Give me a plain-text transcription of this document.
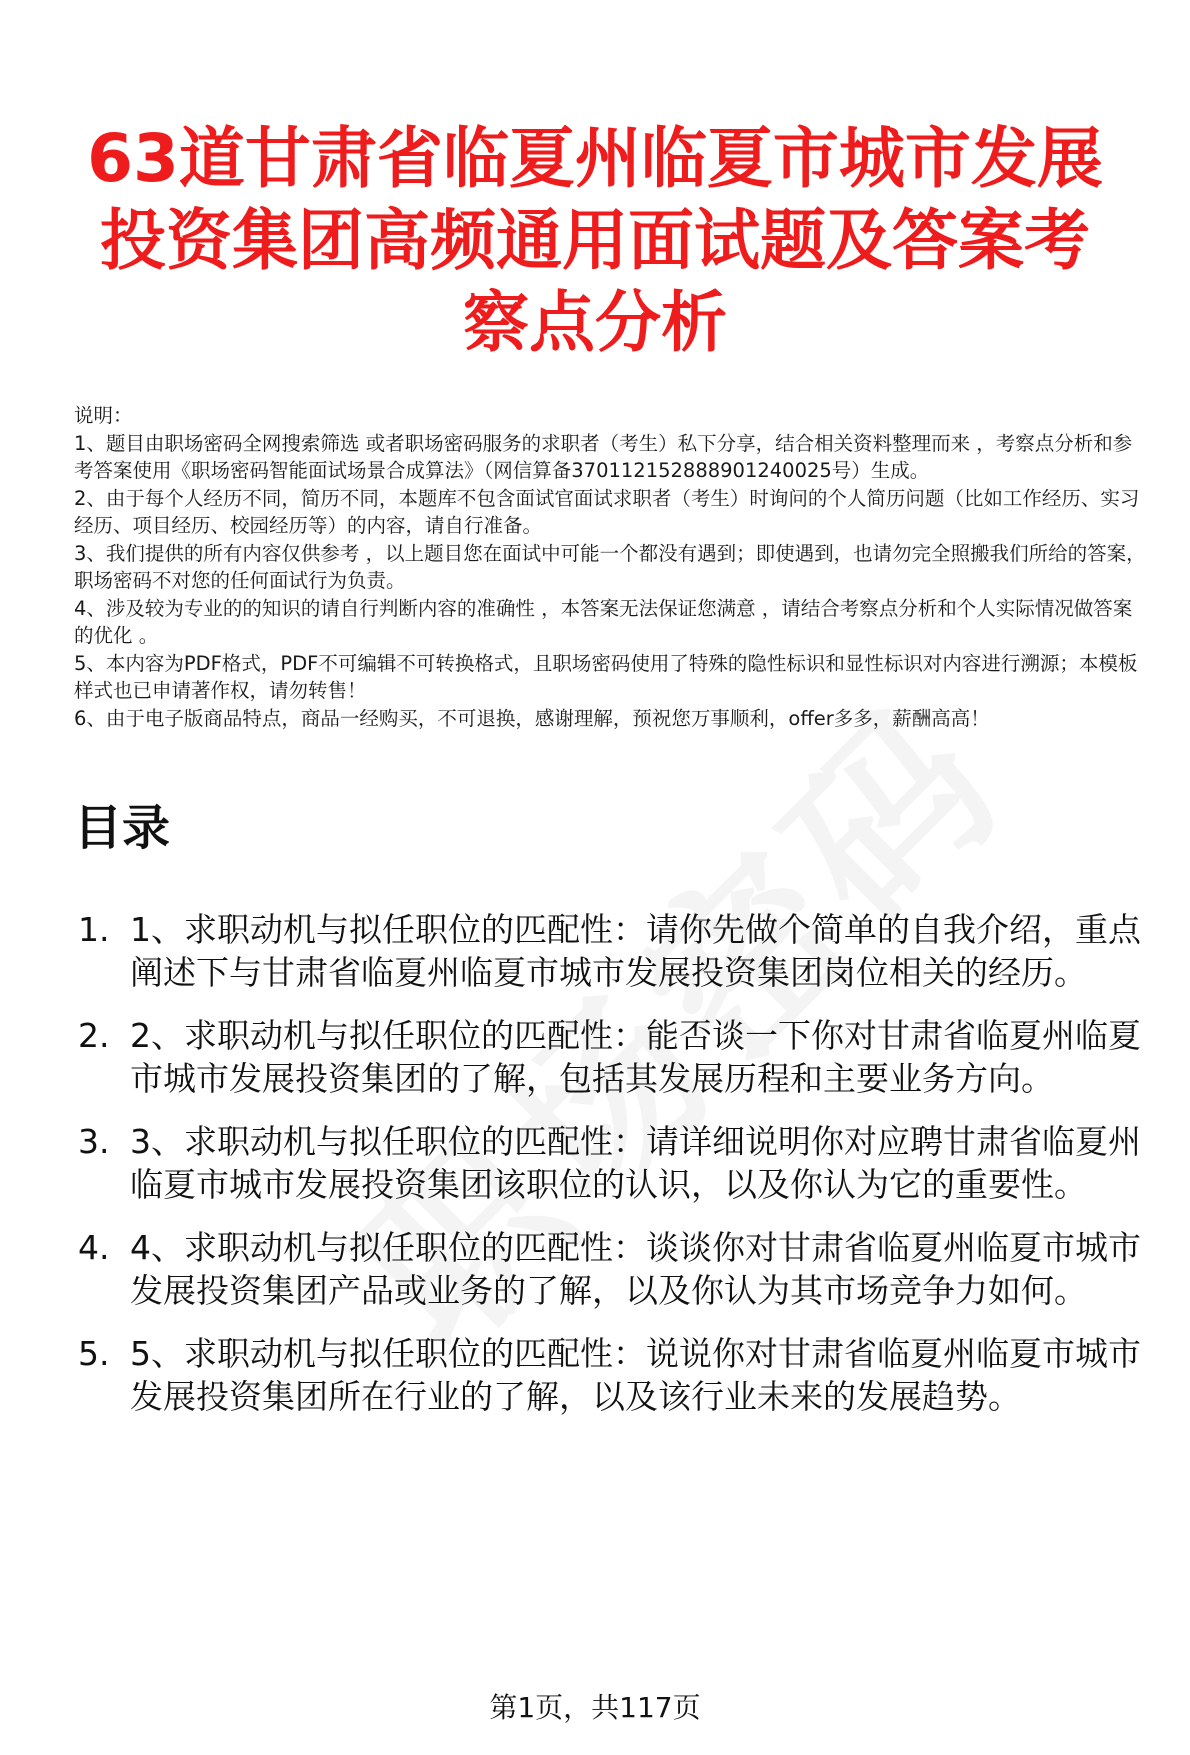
63道甘肃省临夏州临夏市城市发展投资集团高频通用面试题及答案考察点分析

说明：

1、题目由职场密码全网搜索筛选 或者职场密码服务的求职者（考生）私下分享，结合相关资料整理而来 ，考察点分析和参考答案使用《职场密码智能面试场景合成算法》（网信算备370112152888901240025号）生成。

2、由于每个人经历不同，简历不同，本题库不包含面试官面试求职者（考生）时询问的个人简历问题（比如工作经历、实习经历、项目经历、校园经历等）的内容，请自行准备。

3、我们提供的所有内容仅供参考 ，以上题目您在面试中可能一个都没有遇到；即使遇到，也请勿完全照搬我们所给的答案，职场密码不对您的任何面试行为负责。

4、涉及较为专业的的知识的请自行判断内容的准确性 ，本答案无法保证您满意 ，请结合考察点分析和个人实际情况做答案的优化 。

5、本内容为PDF格式，PDF不可编辑不可转换格式，且职场密码使用了特殊的隐性标识和显性标识对内容进行溯源；本模板样式也已申请著作权，请勿转售！

6、由于电子版商品特点，商品一经购买，不可退换，感谢理解，预祝您万事顺利，offer多多，薪酬高高！

目录
1. 1、求职动机与拟任职位的匹配性：请你先做个简单的自我介绍，重点阐述下与甘肃省临夏州临夏市城市发展投资集团岗位相关的经历。
2. 2、求职动机与拟任职位的匹配性：能否谈一下你对甘肃省临夏州临夏市城市发展投资集团的了解，包括其发展历程和主要业务方向。
3. 3、求职动机与拟任职位的匹配性：请详细说明你对应聘甘肃省临夏州临夏市城市发展投资集团该职位的认识，以及你认为它的重要性。
4. 4、求职动机与拟任职位的匹配性：谈谈你对甘肃省临夏州临夏市城市发展投资集团产品或业务的了解，以及你认为其市场竞争力如何。
5. 5、求职动机与拟任职位的匹配性：说说你对甘肃省临夏州临夏市城市发展投资集团所在行业的了解，以及该行业未来的发展趋势。
第1页，共117页
